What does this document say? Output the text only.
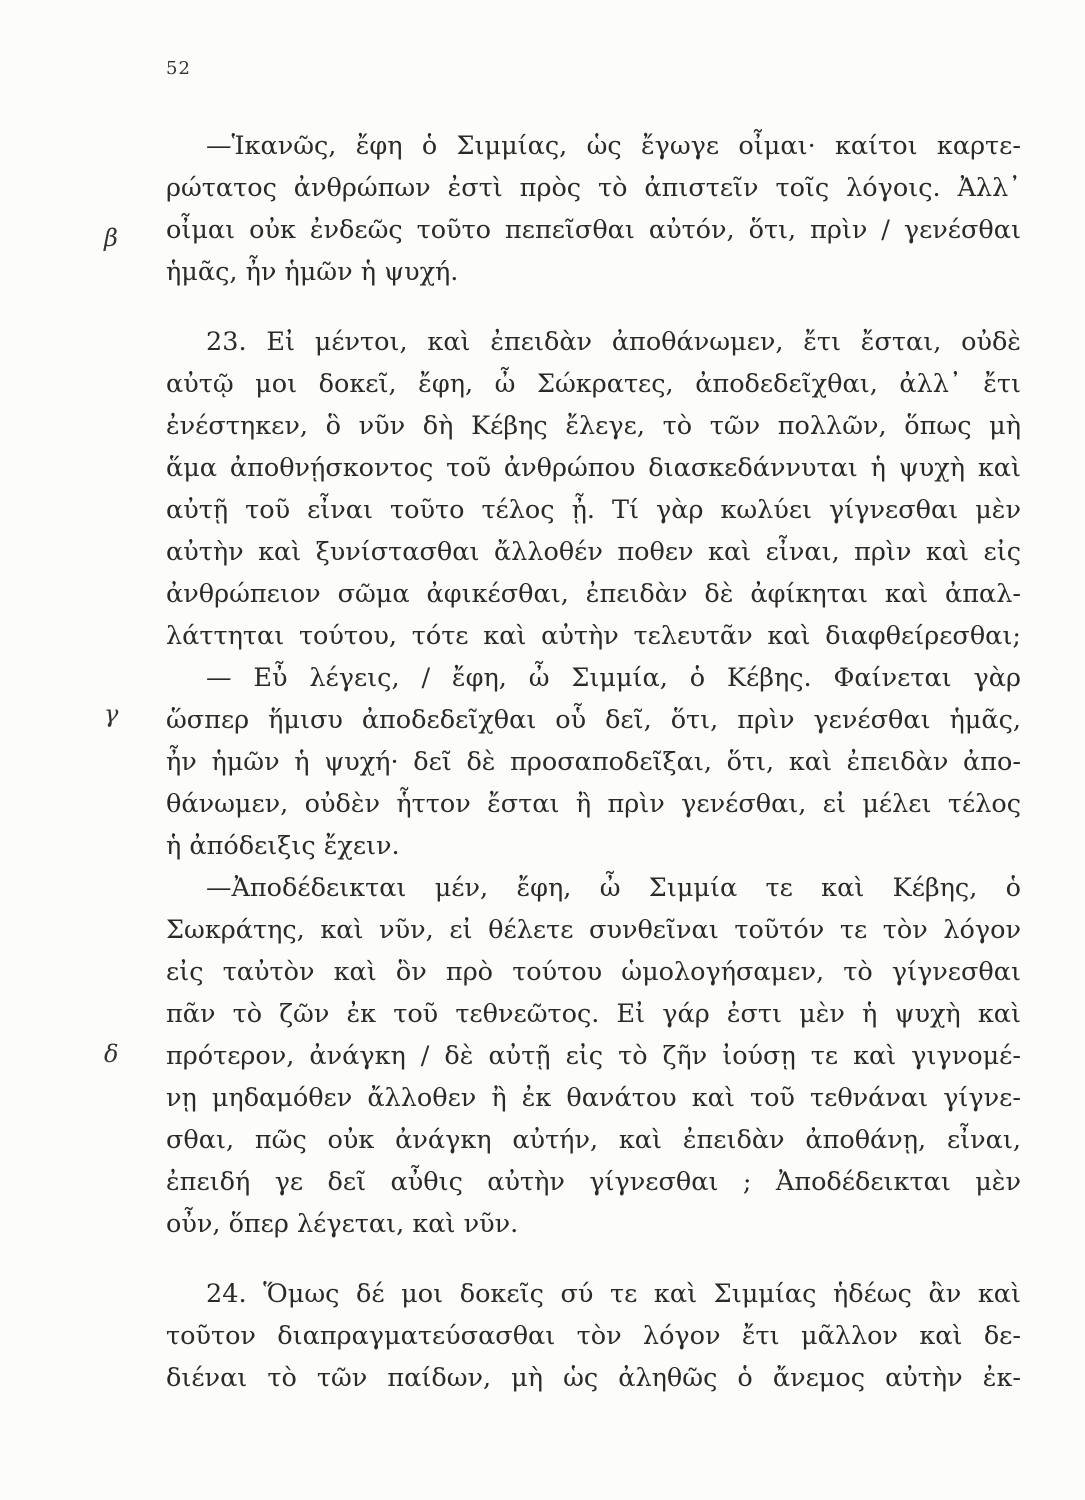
52
β
γ
δ
—Ἱκανῶς, ἔφη ὁ Σιμμίας, ὡς ἔγωγε οἶμαι· καίτοι καρτε-
ρώτατος ἀνθρώπων ἐστὶ πρὸς τὸ ἀπιστεῖν τοῖς λόγοις. Ἀλλ᾽
οἶμαι οὐκ ἐνδεῶς τοῦτο πεπεῖσθαι αὐτόν, ὅτι, πρὶν / γενέσθαι
ἡμᾶς, ἦν ἡμῶν ἡ ψυχή.
23. Εἰ μέντοι, καὶ ἐπειδὰν ἀποθάνωμεν, ἔτι ἔσται, οὐδὲ
αὐτῷ μοι δοκεῖ, ἔφη, ὦ Σώκρατες, ἀποδεδεῖχθαι, ἀλλ᾽ ἔτι
ἐνέστηκεν, ὃ νῦν δὴ Κέβης ἔλεγε, τὸ τῶν πολλῶν, ὅπως μὴ
ἅμα ἀποθνῄσκοντος τοῦ ἀνθρώπου διασκεδάννυται ἡ ψυχὴ καὶ
αὐτῇ τοῦ εἶναι τοῦτο τέλος ᾖ. Τί γὰρ κωλύει γίγνεσθαι μὲν
αὐτὴν καὶ ξυνίστασθαι ἄλλοθέν ποθεν καὶ εἶναι, πρὶν καὶ εἰς
ἀνθρώπειον σῶμα ἀφικέσθαι, ἐπειδὰν δὲ ἀφίκηται καὶ ἀπαλ-
λάττηται τούτου, τότε καὶ αὐτὴν τελευτᾶν καὶ διαφθείρεσθαι;
— Εὖ λέγεις, / ἔφη, ὦ Σιμμία, ὁ Κέβης. Φαίνεται γὰρ
ὥσπερ ἥμισυ ἀποδεδεῖχθαι οὗ δεῖ, ὅτι, πρὶν γενέσθαι ἡμᾶς,
ἦν ἡμῶν ἡ ψυχή· δεῖ δὲ προσαποδεῖξαι, ὅτι, καὶ ἐπειδὰν ἀπο-
θάνωμεν, οὐδὲν ἧττον ἔσται ἢ πρὶν γενέσθαι, εἰ μέλει τέλος
ἡ ἀπόδειξις ἔχειν.
—Ἀποδέδεικται μέν, ἔφη, ὦ Σιμμία τε καὶ Κέβης, ὁ
Σωκράτης, καὶ νῦν, εἰ θέλετε συνθεῖναι τοῦτόν τε τὸν λόγον
εἰς ταὐτὸν καὶ ὃν πρὸ τούτου ὡμολογήσαμεν, τὸ γίγνεσθαι
πᾶν τὸ ζῶν ἐκ τοῦ τεθνεῶτος. Εἰ γάρ ἐστι μὲν ἡ ψυχὴ καὶ
πρότερον, ἀνάγκη / δὲ αὐτῇ εἰς τὸ ζῆν ἰούσῃ τε καὶ γιγνομέ-
νῃ μηδαμόθεν ἄλλοθεν ἢ ἐκ θανάτου καὶ τοῦ τεθνάναι γίγνε-
σθαι, πῶς οὐκ ἀνάγκη αὐτήν, καὶ ἐπειδὰν ἀποθάνῃ, εἶναι,
ἐπειδή γε δεῖ αὖθις αὐτὴν γίγνεσθαι ; Ἀποδέδεικται μὲν
οὖν, ὅπερ λέγεται, καὶ νῦν.
24. Ὅμως δέ μοι δοκεῖς σύ τε καὶ Σιμμίας ἡδέως ἂν καὶ
τοῦτον διαπραγματεύσασθαι τὸν λόγον ἔτι μᾶλλον καὶ δε-
διέναι τὸ τῶν παίδων, μὴ ὡς ἀληθῶς ὁ ἄνεμος αὐτὴν ἐκ-
